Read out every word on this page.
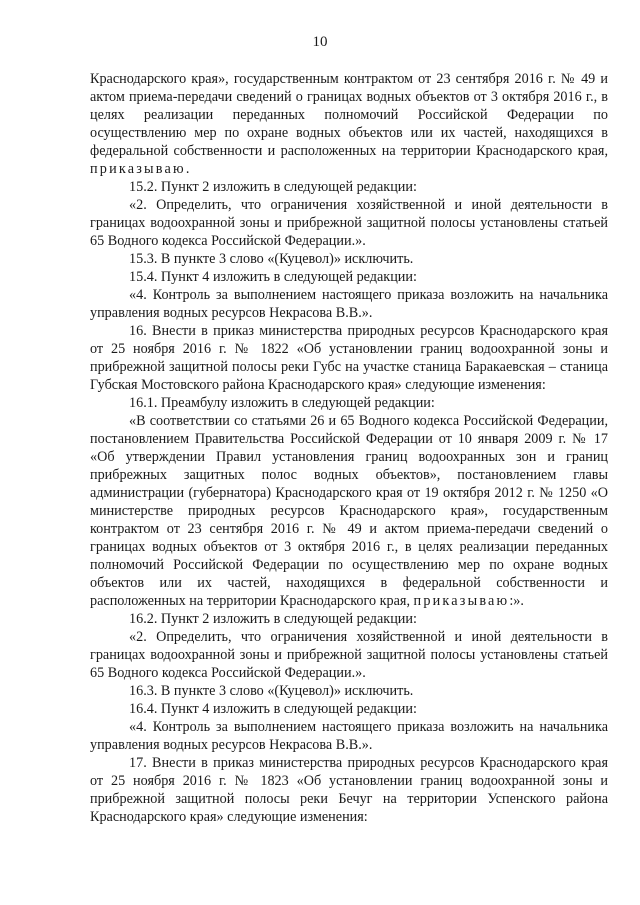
10

Краснодарского края», государственным контрактом от 23 сентября 2016 г. № 49 и актом приема-передачи сведений о границах водных объектов от 3 октября 2016 г., в целях реализации переданных полномочий Российской Федерации по осуществлению мер по охране водных объектов или их частей, находящихся в федеральной собственности и расположенных на территории Краснодарского края, приказываю.

15.2. Пункт 2 изложить в следующей редакции:

«2. Определить, что ограничения хозяйственной и иной деятельности в границах водоохранной зоны и прибрежной защитной полосы установлены статьей 65 Водного кодекса Российской Федерации.».

15.3. В пункте 3 слово «(Куцевол)» исключить.

15.4. Пункт 4 изложить в следующей редакции:

«4. Контроль за выполнением настоящего приказа возложить на начальника управления водных ресурсов Некрасова В.В.».

16. Внести в приказ министерства природных ресурсов Краснодарского края от 25 ноября 2016 г. № 1822 «Об установлении границ водоохранной зоны и прибрежной защитной полосы реки Губс на участке станица Баракаевская – станица Губская Мостовского района Краснодарского края» следующие изменения:

16.1. Преамбулу изложить в следующей редакции:

«В соответствии со статьями 26 и 65 Водного кодекса Российской Федерации, постановлением Правительства Российской Федерации от 10 января 2009 г. № 17 «Об утверждении Правил установления границ водоохранных зон и границ прибрежных защитных полос водных объектов», постановлением главы администрации (губернатора) Краснодарского края от 19 октября 2012 г. № 1250 «О министерстве природных ресурсов Краснодарского края», государственным контрактом от 23 сентября 2016 г. № 49 и актом приема-передачи сведений о границах водных объектов от 3 октября 2016 г., в целях реализации переданных полномочий Российской Федерации по осуществлению мер по охране водных объектов или их частей, находящихся в федеральной собственности и расположенных на территории Краснодарского края, приказываю:».

16.2. Пункт 2 изложить в следующей редакции:

«2. Определить, что ограничения хозяйственной и иной деятельности в границах водоохранной зоны и прибрежной защитной полосы установлены статьей 65 Водного кодекса Российской Федерации.».

16.3. В пункте 3 слово «(Куцевол)» исключить.

16.4. Пункт 4 изложить в следующей редакции:

«4. Контроль за выполнением настоящего приказа возложить на начальника управления водных ресурсов Некрасова В.В.».

17. Внести в приказ министерства природных ресурсов Краснодарского края от 25 ноября 2016 г. № 1823 «Об установлении границ водоохранной зоны и прибрежной защитной полосы реки Бечуг на территории Успенского района Краснодарского края» следующие изменения:
